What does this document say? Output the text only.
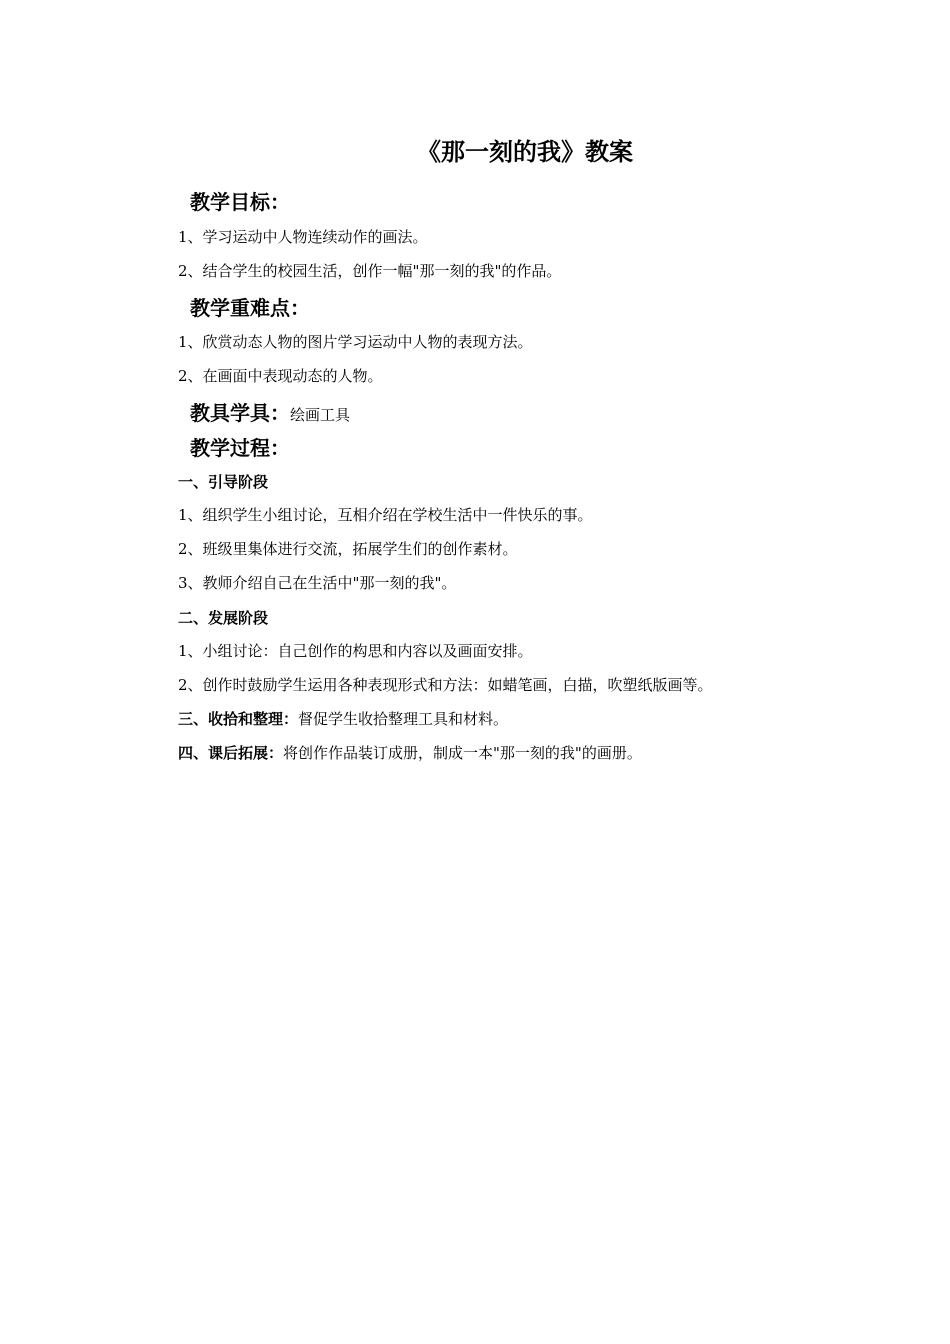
《那一刻的我》教案
教学目标：
1、学习运动中人物连续动作的画法。
2、结合学生的校园生活，创作一幅"那一刻的我"的作品。
教学重难点：
1、欣赏动态人物的图片学习运动中人物的表现方法。
2、在画面中表现动态的人物。
教具学具：绘画工具
教学过程：
一、引导阶段
1、组织学生小组讨论，互相介绍在学校生活中一件快乐的事。
2、班级里集体进行交流，拓展学生们的创作素材。
3、教师介绍自己在生活中"那一刻的我"。
二、发展阶段
1、小组讨论：自己创作的构思和内容以及画面安排。
2、创作时鼓励学生运用各种表现形式和方法：如蜡笔画，白描，吹塑纸版画等。
三、收拾和整理：督促学生收拾整理工具和材料。
四、课后拓展：将创作作品装订成册，制成一本"那一刻的我"的画册。
